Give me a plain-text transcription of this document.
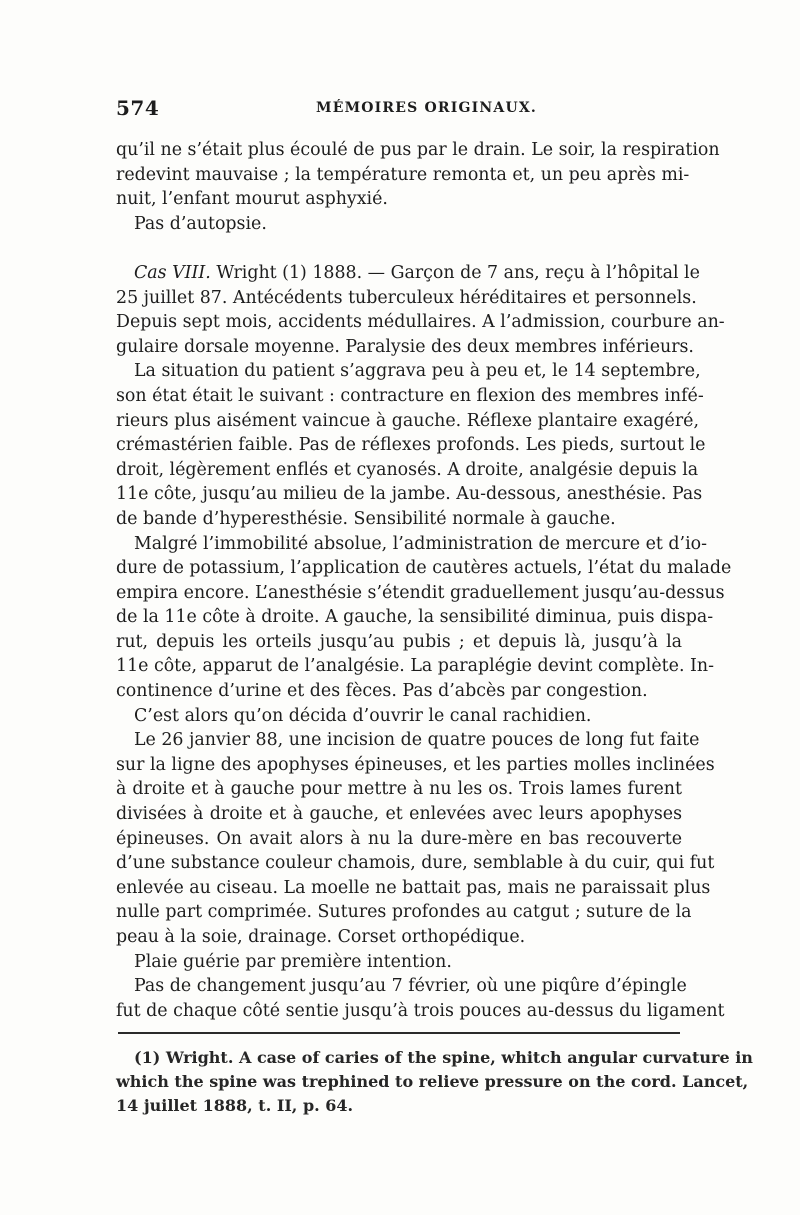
574	MÉMOIRES ORIGINAUX.
qu’il ne s’était plus écoulé de pus par le drain. Le soir, la respiration
redevint mauvaise ; la température remonta et, un peu après mi-
nuit, l’enfant mourut asphyxié.
Pas d’autopsie.
Cas VIII. Wright (1) 1888. — Garçon de 7 ans, reçu à l’hôpital le
25 juillet 87. Antécédents tuberculeux héréditaires et personnels.
Depuis sept mois, accidents médullaires. A l’admission, courbure an-
gulaire dorsale moyenne. Paralysie des deux membres inférieurs.
La situation du patient s’aggrava peu à peu et, le 14 septembre,
son état était le suivant : contracture en flexion des membres infé-
rieurs plus aisément vaincue à gauche. Réflexe plantaire exagéré,
crémastérien faible. Pas de réflexes profonds. Les pieds, surtout le
droit, légèrement enflés et cyanosés. A droite, analgésie depuis la
11e côte, jusqu’au milieu de la jambe. Au-dessous, anesthésie. Pas
de bande d’hyperesthésie. Sensibilité normale à gauche.
Malgré l’immobilité absolue, l’administration de mercure et d’io-
dure de potassium, l’application de cautères actuels, l’état du malade
empira encore. L’anesthésie s’étendit graduellement jusqu’au-dessus
de la 11e côte à droite. A gauche, la sensibilité diminua, puis dispa-
rut, depuis les orteils jusqu’au pubis ; et depuis là, jusqu’à la
11e côte, apparut de l’analgésie. La paraplégie devint complète. In-
continence d’urine et des fèces. Pas d’abcès par congestion.
C’est alors qu’on décida d’ouvrir le canal rachidien.
Le 26 janvier 88, une incision de quatre pouces de long fut faite
sur la ligne des apophyses épineuses, et les parties molles inclinées
à droite et à gauche pour mettre à nu les os. Trois lames furent
divisées à droite et à gauche, et enlevées avec leurs apophyses
épineuses. On avait alors à nu la dure-mère en bas recouverte
d’une substance couleur chamois, dure, semblable à du cuir, qui fut
enlevée au ciseau. La moelle ne battait pas, mais ne paraissait plus
nulle part comprimée. Sutures profondes au catgut ; suture de la
peau à la soie, drainage. Corset orthopédique.
Plaie guérie par première intention.
Pas de changement jusqu’au 7 février, où une piqûre d’épingle
fut de chaque côté sentie jusqu’à trois pouces au-dessus du ligament
(1) Wright. A case of caries of the spine, whitch angular curvature in
which the spine was trephined to relieve pressure on the cord. Lancet,
14 juillet 1888, t. II, p. 64.
